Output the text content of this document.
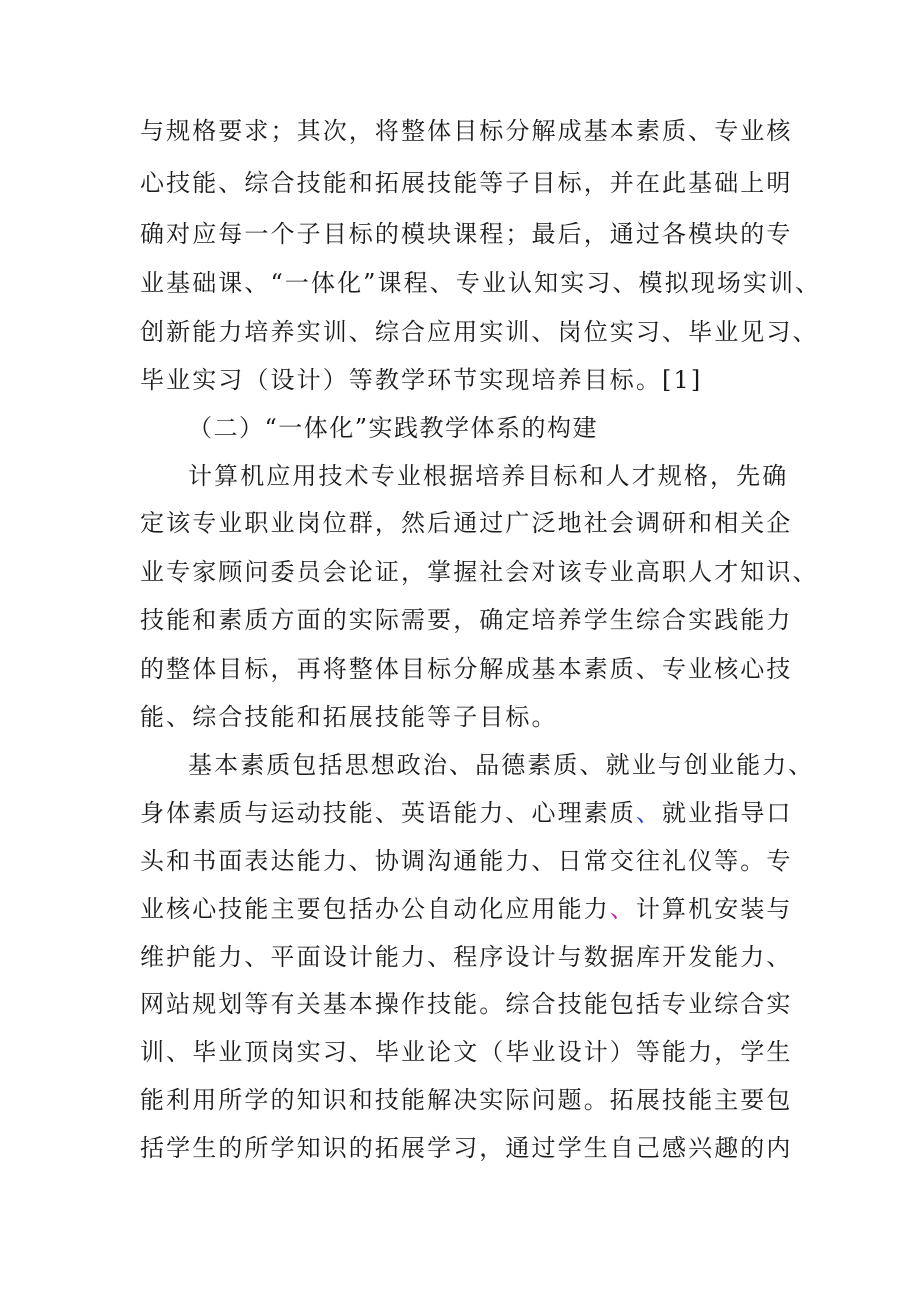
与规格要求；其次，将整体目标分解成基本素质、专业核
心技能、综合技能和拓展技能等子目标，并在此基础上明
确对应每一个子目标的模块课程；最后，通过各模块的专
业基础课、“一体化”课程、专业认知实习、模拟现场实训、
创新能力培养实训、综合应用实训、岗位实习、毕业见习、
毕业实习（设计）等教学环节实现培养目标。[1]
（二）“一体化”实践教学体系的构建
计算机应用技术专业根据培养目标和人才规格，先确
定该专业职业岗位群，然后通过广泛地社会调研和相关企
业专家顾问委员会论证，掌握社会对该专业高职人才知识、
技能和素质方面的实际需要，确定培养学生综合实践能力
的整体目标，再将整体目标分解成基本素质、专业核心技
能、综合技能和拓展技能等子目标。
基本素质包括思想政治、品德素质、就业与创业能力、
身体素质与运动技能、英语能力、心理素质、就业指导口
头和书面表达能力、协调沟通能力、日常交往礼仪等。专
业核心技能主要包括办公自动化应用能力、计算机安装与
维护能力、平面设计能力、程序设计与数据库开发能力、
网站规划等有关基本操作技能。综合技能包括专业综合实
训、毕业顶岗实习、毕业论文（毕业设计）等能力，学生
能利用所学的知识和技能解决实际问题。拓展技能主要包
括学生的所学知识的拓展学习，通过学生自己感兴趣的内
